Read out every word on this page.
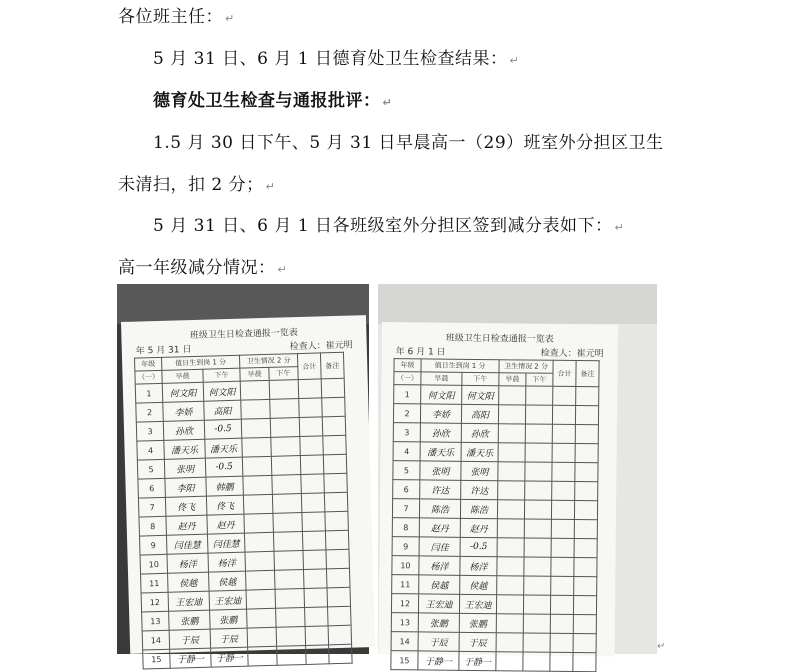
各位班主任： ↵
5 月 31 日、6 月 1 日德育处卫生检查结果： ↵
德育处卫生检查与通报批评： ↵
1.5 月 30 日下午、5 月 31 日早晨高一（29）班室外分担区卫生
未清扫，扣 2 分； ↵
5 月 31 日、6 月 1 日各班级室外分担区签到减分表如下： ↵
高一年级减分情况： ↵
班级卫生日检查通报一览表
年 5 月 31 日	检查人：崔元明
年级	值日生到岗 1 分		卫生情况 2 分		合计	备注
（一）	早晨	下午	早晨	下午		
1	何文阳	何文阳				
2	李娇	高阳				
3	孙欣	-0.5				
4	潘天乐	潘天乐				
5	张明	-0.5				
6	李阳	韩鹏				
7	佟飞	佟飞				
8	赵丹	赵丹				
9	闫佳慧	闫佳慧				
10	杨洋	杨洋				
11	侯越	侯越				
12	王宏迪	王宏迪				
13	张鹏	张鹏				
14	于辰	于辰				
15	于静一	于静一				
班级卫生日检查通报一览表
年 6 月 1 日	检查人：崔元明
年级	值日生到岗 1 分		卫生情况 2 分		合计	备注
（一）	早晨	下午	早晨	下午		
1	何文阳	何文阳				
2	李娇	高阳				
3	孙欣	孙欣				
4	潘天乐	潘天乐				
5	张明	张明				
6	许达	许达				
7	陈浩	陈浩				
8	赵丹	赵丹				
9	闫佳	-0.5				
10	杨洋	杨洋				
11	侯越	侯越				
12	王宏迪	王宏迪				
13	张鹏	张鹏				
14	于辰	于辰				
15	于静一	于静一				
↵
